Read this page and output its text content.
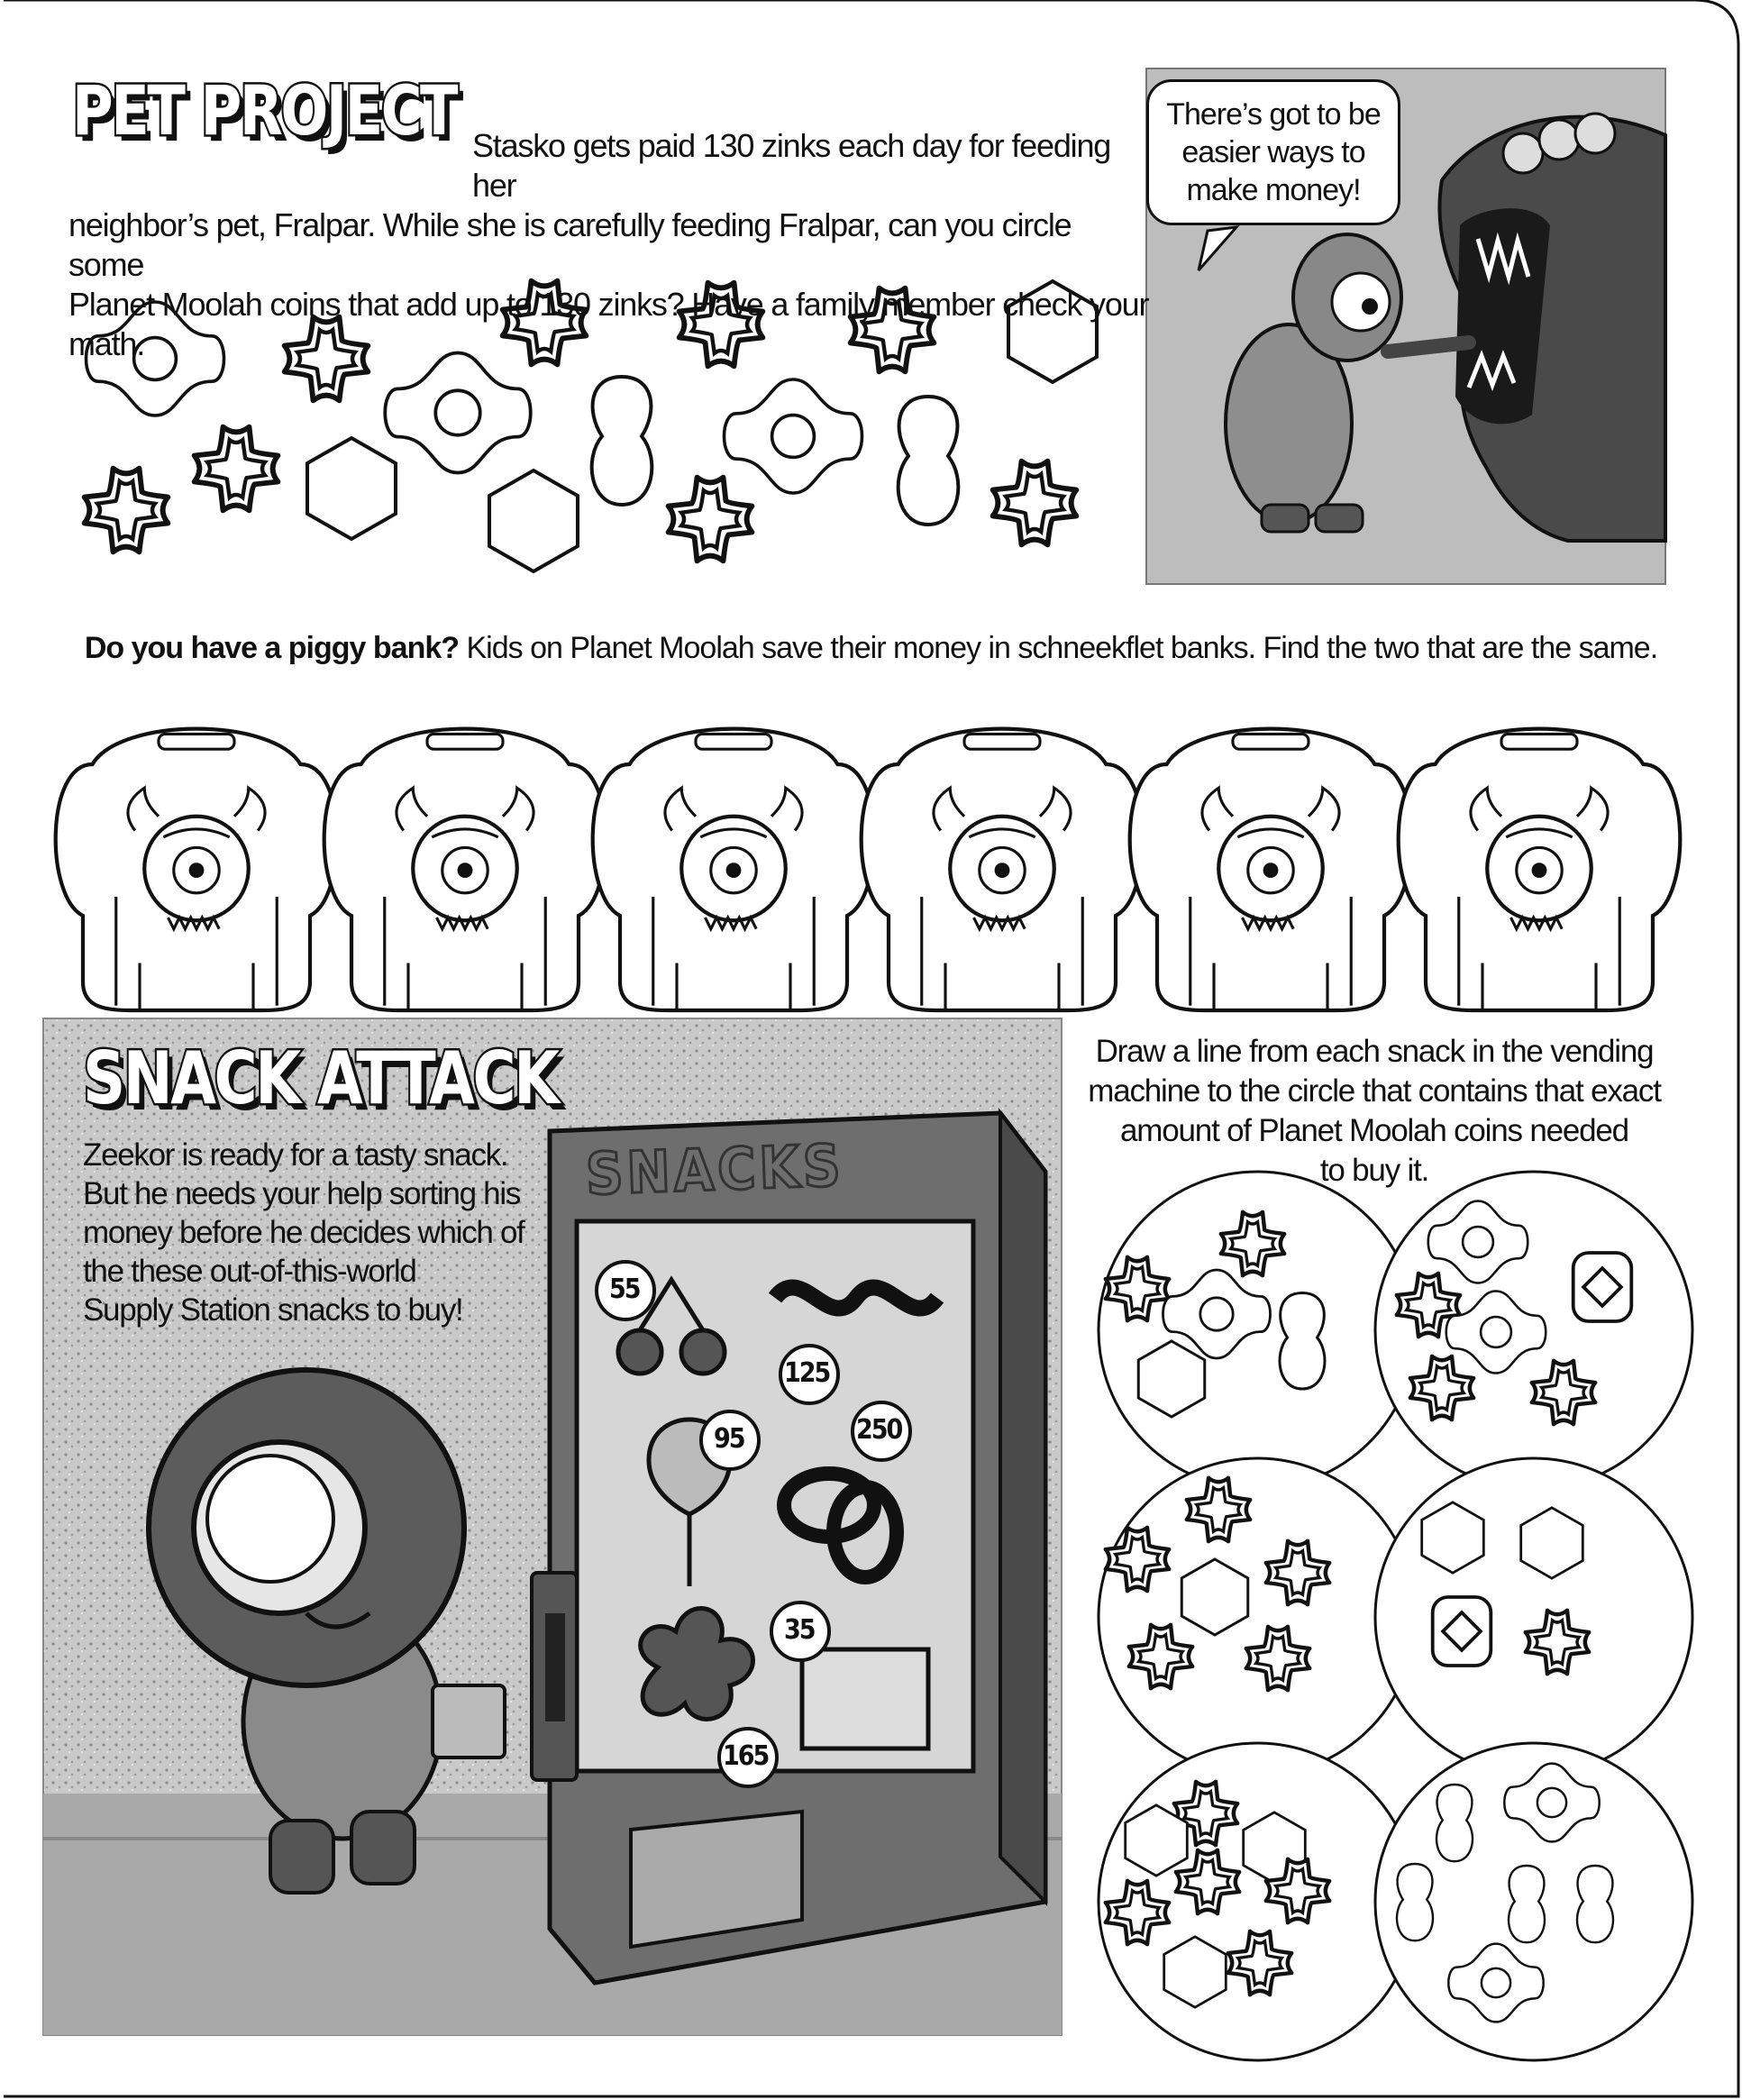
PET PROJECT Stasko gets paid 130 zinks each day for feeding her
neighbor’s pet, Fralpar. While she is carefully feeding Fralpar, can you circle some
Planet Moolah coins that add up to 130 zinks? Have a family member check your math.
There’s got to be easier ways to make money!
Do you have a piggy bank? Kids on Planet Moolah save their money in schneekflet banks. Find the two that are the same.
SNACK ATTACK
Zeekor is ready for a tasty snack.
But he needs your help sorting his
money before he decides which of
the these out-of-this-world
Supply Station snacks to buy!
SNACKS
55
125
95	250
35
165
Draw a line from each snack in the vending
machine to the circle that contains that exact
amount of Planet Moolah coins needed
to buy it.
